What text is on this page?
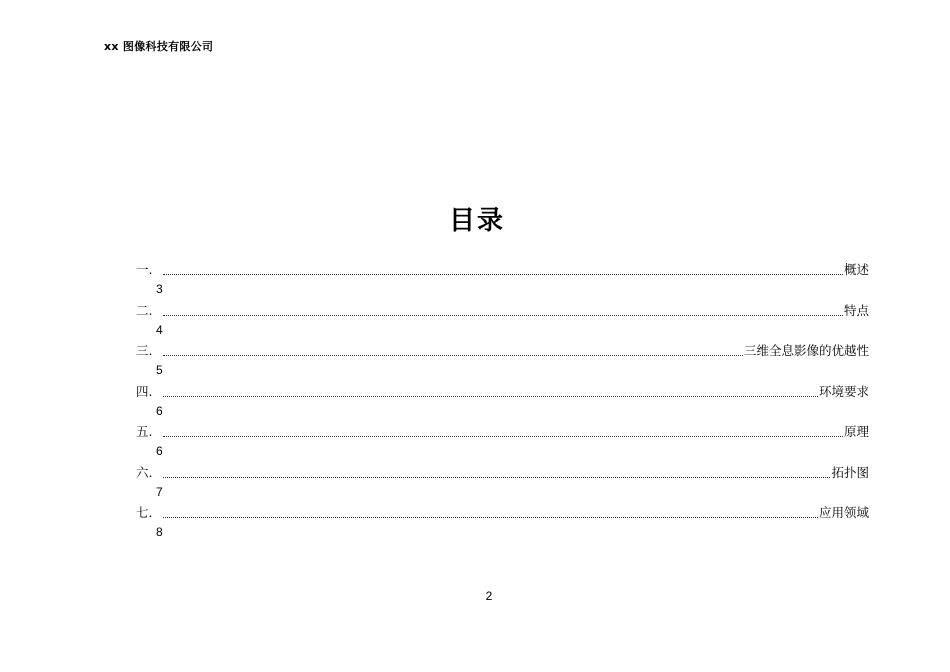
xx 图像科技有限公司
目录
一.	概述
3
二.	特点
4
三.	三维全息影像的优越性
5
四.	环境要求
6
五.	原理
6
六.	拓扑图
7
七.	应用领域
8
2
